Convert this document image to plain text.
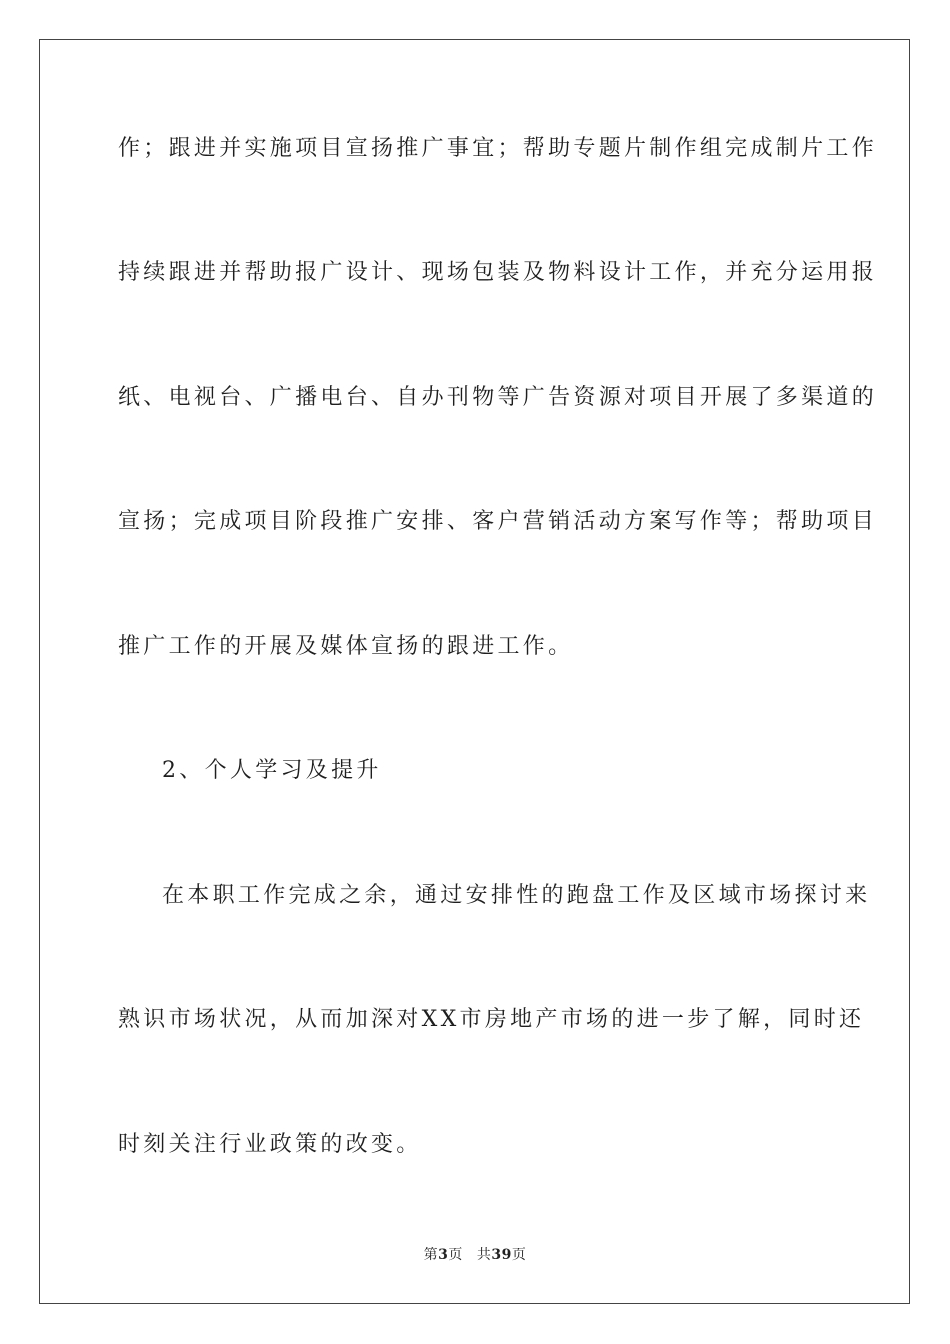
作；跟进并实施项目宣扬推广事宜；帮助专题片制作组完成制片工作
持续跟进并帮助报广设计、现场包装及物料设计工作，并充分运用报
纸、电视台、广播电台、自办刊物等广告资源对项目开展了多渠道的
宣扬；完成项目阶段推广安排、客户营销活动方案写作等；帮助项目
推广工作的开展及媒体宣扬的跟进工作。
2、个人学习及提升
在本职工作完成之余，通过安排性的跑盘工作及区域市场探讨来
熟识市场状况，从而加深对XX市房地产市场的进一步了解，同时还
时刻关注行业政策的改变。
第3页 共39页
